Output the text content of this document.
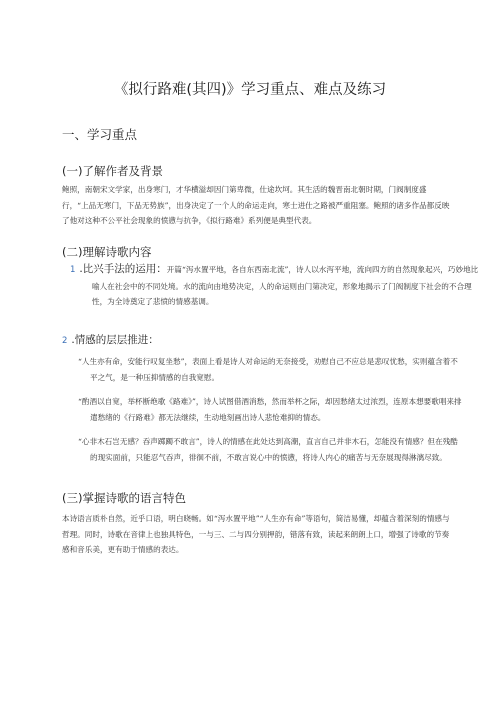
《拟行路难(其四)》学习重点、难点及练习
一、学习重点
(一)了解作者及背景

鲍照，南朝宋文学家，出身寒门，才华横溢却因门第卑微，仕途坎坷。其生活的魏晋南北朝时期，门阀制度盛行，“上品无寒门，下品无势族”，出身决定了一个人的命运走向，寒士进仕之路被严重阻塞。鲍照的诸多作品都反映了他对这种不公平社会现象的愤懑与抗争，《拟行路难》系列便是典型代表。

(二)理解诗歌内容
1 .比兴手法的运用：开篇“泻水置平地，各自东西南北流”，诗人以水泻平地，流向四方的自然现象起兴，巧妙地比喻人在社会中的不同处境。水的流向由地势决定，人的命运则由门第决定，形象地揭示了门阀制度下社会的不合理性，为全诗奠定了悲愤的情感基调。
2 .情感的层层推进：

“人生亦有命，安能行叹复坐愁”，表面上看是诗人对命运的无奈接受，劝慰自己不应总是悲叹忧愁，实则蕴含着不平之气，是一种压抑情感的自我宽慰。

“酌酒以自宽，举杯断绝歌《路难》”，诗人试图借酒消愁，然而举杯之际，却因愁绪太过浓烈，连原本想要歌唱来排遣愁绪的《行路难》都无法继续，生动地刻画出诗人悲怆难抑的情态。

“心非木石岂无感？吞声踯躅不敢言”，诗人的情感在此处达到高潮，直言自己并非木石，怎能没有情感？但在残酷的现实面前，只能忍气吞声，徘徊不前，不敢言说心中的愤懑，将诗人内心的痛苦与无奈展现得淋漓尽致。

(三)掌握诗歌的语言特色

本诗语言质朴自然，近乎口语，明白晓畅。如“泻水置平地”“人生亦有命”等语句，简洁易懂，却蕴含着深刻的情感与哲理。同时，诗歌在音律上也独具特色，一与三、二与四分别押韵，错落有致，读起来朗朗上口，增强了诗歌的节奏感和音乐美，更有助于情感的表达。
